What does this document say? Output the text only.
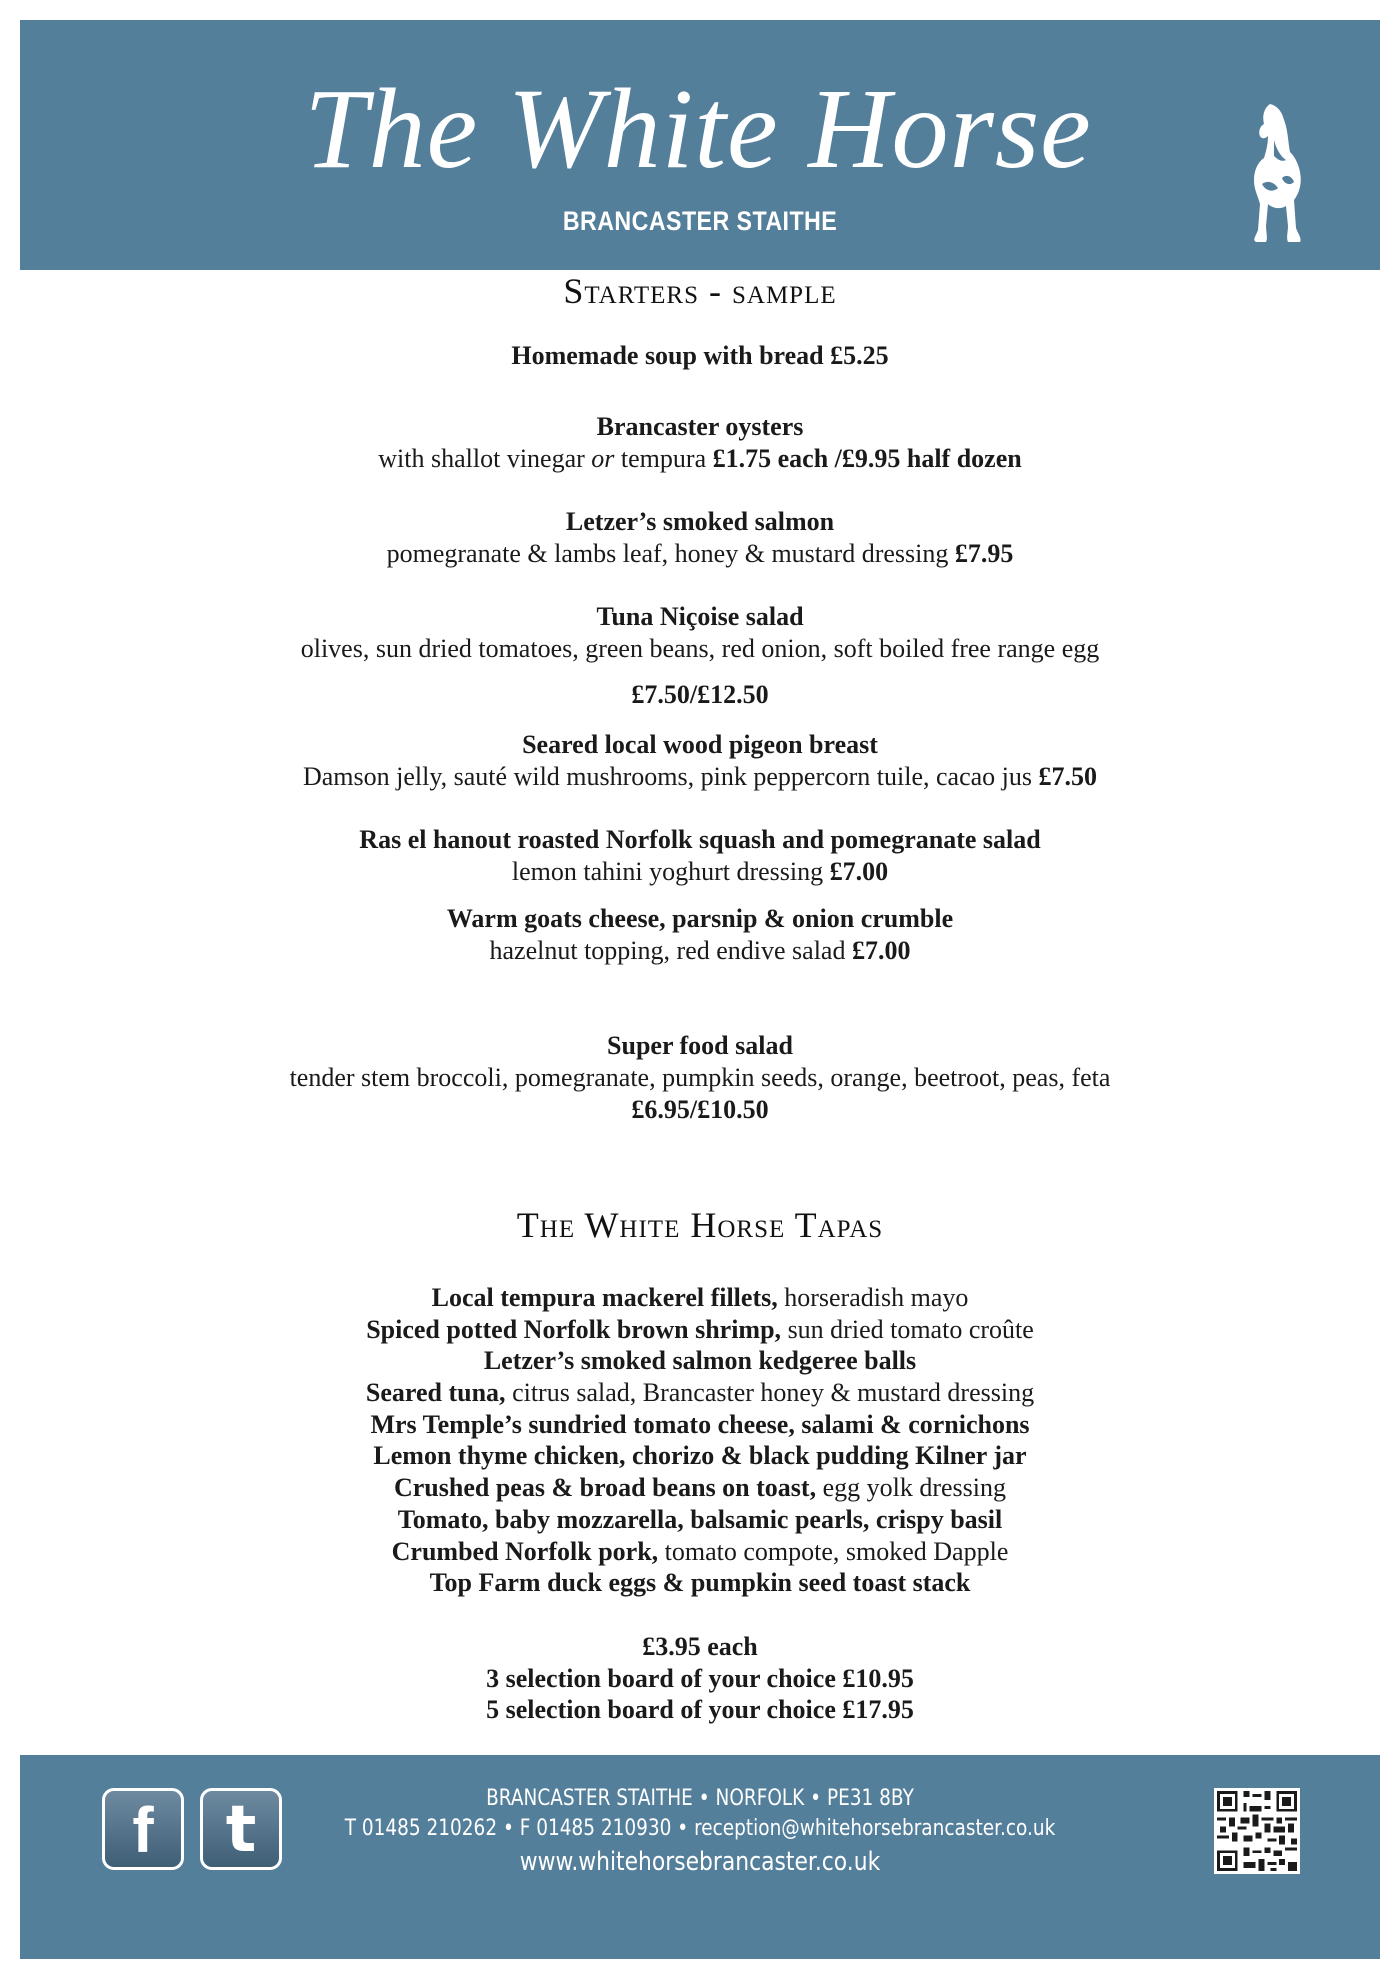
The White Horse
BRANCASTER STAITHE
Starters - sample
Homemade soup with bread £5.25
Brancaster oysters
with shallot vinegar or tempura £1.75 each /£9.95 half dozen
Letzer’s smoked salmon
pomegranate & lambs leaf, honey & mustard dressing £7.95
Tuna Niçoise salad
olives, sun dried tomatoes, green beans, red onion, soft boiled free range egg
£7.50/£12.50
Seared local wood pigeon breast
Damson jelly, sauté wild mushrooms, pink peppercorn tuile, cacao jus £7.50
Ras el hanout roasted Norfolk squash and pomegranate salad
lemon tahini yoghurt dressing £7.00
Warm goats cheese, parsnip & onion crumble
hazelnut topping, red endive salad £7.00
Super food salad
tender stem broccoli, pomegranate, pumpkin seeds, orange, beetroot, peas, feta
£6.95/£10.50
The White Horse Tapas
Local tempura mackerel fillets, horseradish mayo
Spiced potted Norfolk brown shrimp, sun dried tomato croûte
Letzer’s smoked salmon kedgeree balls
Seared tuna, citrus salad, Brancaster honey & mustard dressing
Mrs Temple’s sundried tomato cheese, salami & cornichons
Lemon thyme chicken, chorizo & black pudding Kilner jar
Crushed peas & broad beans on toast, egg yolk dressing
Tomato, baby mozzarella, balsamic pearls, crispy basil
Crumbed Norfolk pork, tomato compote, smoked Dapple
Top Farm duck eggs & pumpkin seed toast stack
£3.95 each
3 selection board of your choice £10.95
5 selection board of your choice £17.95
f	t	BRANCASTER STAITHE • NORFOLK • PE31 8BY
T 01485 210262 • F 01485 210930 • reception@whitehorsebrancaster.co.uk
www.whitehorsebrancaster.co.uk
